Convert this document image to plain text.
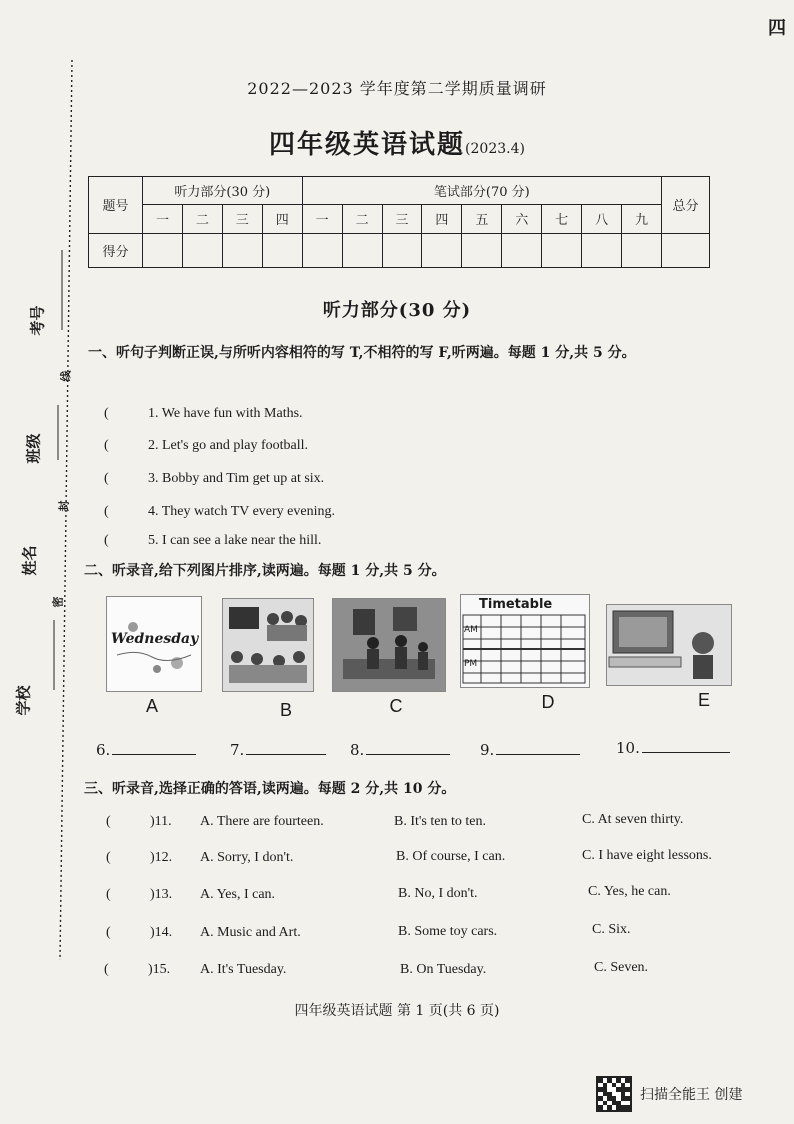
四
考号
线
班级
封
姓名
密
学校
2022—2023 学年度第二学期质量调研
四年级英语试题(2023.4)
题号	听力部分(30 分)				笔试部分(70 分)									总分
	一	二	三	四	一	二	三	四	五	六	七	八	九	
得分														
听力部分(30 分)
一、听句子判断正误,与所听内容相符的写 T,不相符的写 F,听两遍。每题 1 分,共 5 分。
(	1. We have fun with Maths.
(	2. Let's go and play football.
(	3. Bobby and Tim get up at six.
(	4. They watch TV every evening.
(	5. I can see a lake near the hill.
二、听录音,给下列图片排序,读两遍。每题 1 分,共 5 分。
Wednesday
Timetable
AM
PM
A	B	C	D	E
6.	7.	8.	9.	10.
三、听录音,选择正确的答语,读两遍。每题 2 分,共 10 分。
(	)11. A. There are fourteen.	B. It's ten to ten.	C. At seven thirty.
(	)12. A. Sorry, I don't.	B. Of course, I can.	C. I have eight lessons.
(	)13. A. Yes, I can.	B. No, I don't.	C. Yes, he can.
(	)14. A. Music and Art.	B. Some toy cars.	C. Six.
(	)15. A. It's Tuesday.	B. On Tuesday.	C. Seven.
四年级英语试题 第 1 页(共 6 页)
扫描全能王 创建
